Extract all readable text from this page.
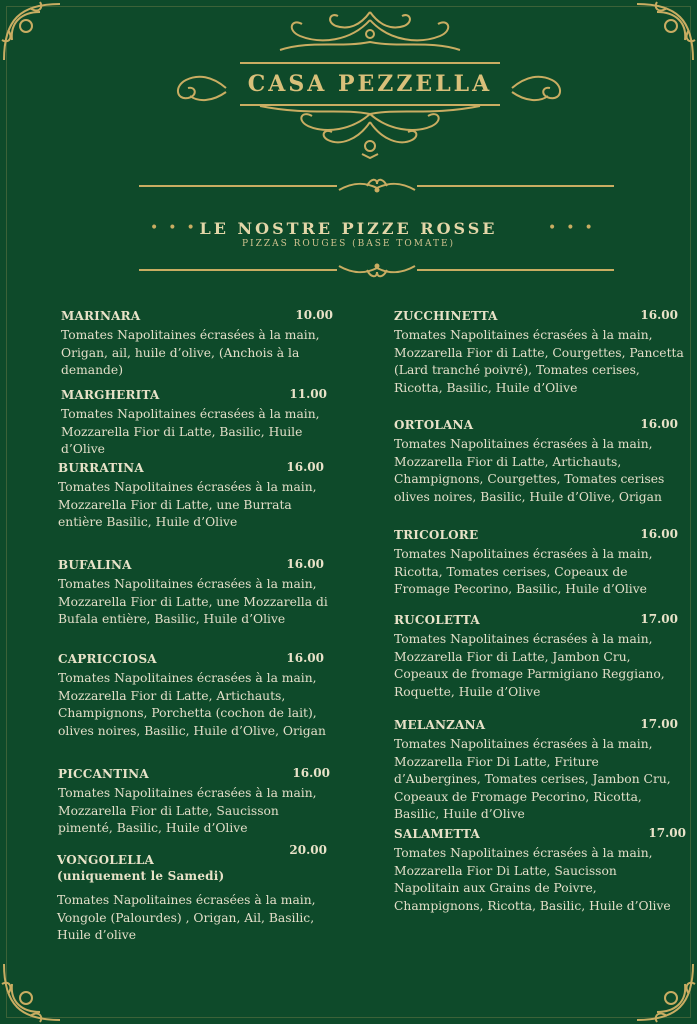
CASA PEZZELLA
•••	•••
LE NOSTRE PIZZE ROSSE
PIZZAS ROUGES (BASE TOMATE)
MARINARA	10.00
Tomates Napolitaines écrasées à la main, Origan, ail, huile d’olive, (Anchois à la demande)
MARGHERITA	11.00
Tomates Napolitaines écrasées à la main, Mozzarella Fior di Latte, Basilic, Huile d’Olive
BURRATINA	16.00
Tomates Napolitaines écrasées à la main, Mozzarella Fior di Latte, une Burrata entière Basilic, Huile d’Olive
BUFALINA	16.00
Tomates Napolitaines écrasées à la main, Mozzarella Fior di Latte, une Mozzarella di Bufala entière, Basilic, Huile d’Olive
CAPRICCIOSA	16.00
Tomates Napolitaines écrasées à la main, Mozzarella Fior di Latte, Artichauts, Champignons, Porchetta (cochon de lait), olives noires, Basilic, Huile d’Olive, Origan
PICCANTINA	16.00
Tomates Napolitaines écrasées à la main, Mozzarella Fior di Latte, Saucisson pimenté, Basilic, Huile d’Olive
VONGOLELLA (uniquement le Samedi)
20.00
Tomates Napolitaines écrasées à la main, Vongole (Palourdes) , Origan, Ail, Basilic, Huile d’olive
ZUCCHINETTA	16.00
Tomates Napolitaines écrasées à la main, Mozzarella Fior di Latte, Courgettes, Pancetta (Lard tranché poivré), Tomates cerises, Ricotta, Basilic, Huile d’Olive
ORTOLANA	16.00
Tomates Napolitaines écrasées à la main, Mozzarella Fior di Latte, Artichauts, Champignons, Courgettes, Tomates cerises olives noires, Basilic, Huile d’Olive, Origan
TRICOLORE	16.00
Tomates Napolitaines écrasées à la main, Ricotta, Tomates cerises, Copeaux de Fromage Pecorino, Basilic, Huile d’Olive
RUCOLETTA	17.00
Tomates Napolitaines écrasées à la main, Mozzarella Fior di Latte, Jambon Cru, Copeaux de fromage Parmigiano Reggiano, Roquette, Huile d’Olive
MELANZANA	17.00
Tomates Napolitaines écrasées à la main, Mozzarella Fior Di Latte, Friture d’Aubergines, Tomates cerises, Jambon Cru, Copeaux de Fromage Pecorino, Ricotta, Basilic, Huile d’Olive
SALAMETTA	17.00
Tomates Napolitaines écrasées à la main, Mozzarella Fior Di Latte, Saucisson Napolitain aux Grains de Poivre, Champignons, Ricotta, Basilic, Huile d’Olive
